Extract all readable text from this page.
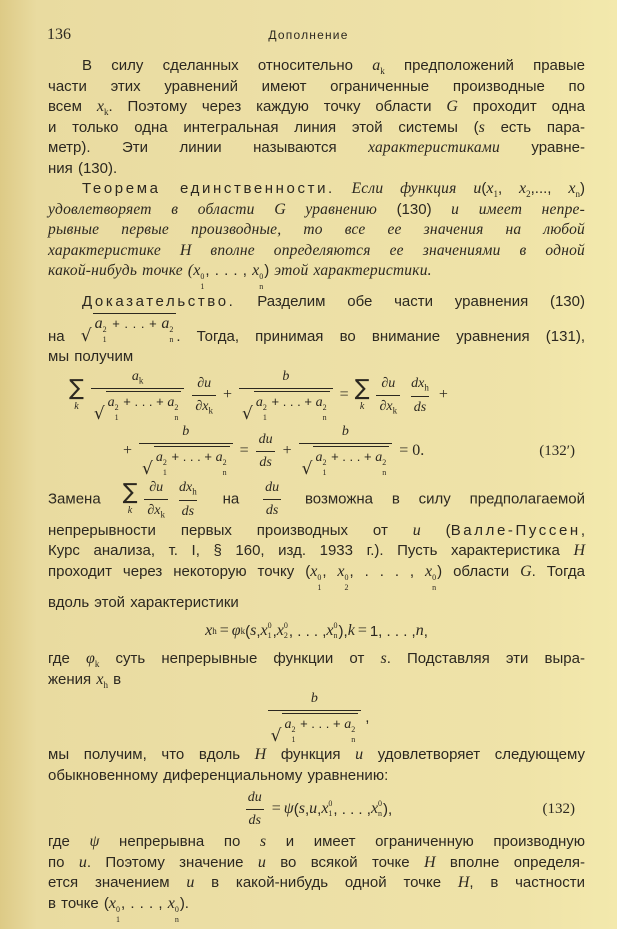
136	Дополнение
В силу сделанных относительно $a_k$ предположений правые
части этих уравнений имеют ограниченные производные по
всем $x_k$. Поэтому через каждую точку области G проходит одна
и только одна интегральная линия этой системы (s есть пара-
метр). Эти линии называются характеристиками уравне-
ния (130).
Теорема единственности. Если функция $u(x_1$, $x_2$,..., $x_n$)
удовлетворяет в области G уравнению (130) и имеет непре-
рывные первые производные, то все ее значения на любой
характеристике H вполне определяются ее значениями в одной
какой-нибудь точке (x 0
1
, . . . , x 0
n
) этой характеристики.
Доказательство. Разделим обе части уравнения (130)
на
√ a 2
1
+ . . . + a 2
n . Тогда, принимая во внимание уравнения (131),
мы получим
∑ k $a_k$
√ a 2
1
+ . . . + a 2
n $\frac{\partial u}{\partial x_k} + b$
√ a 2
1
+ . . . + a 2
n =
∑ k $\frac{\partial u}{\partial x_k} \frac{dx_h}{ds}$ +
+ b
√ a 2
1
+ . . . + a 2
$n = \frac{du}{ds} + b$
√ a 2
1
+ . . . + a 2
n = 0.	(132′)
Замена
∑ k $\frac{\partial u}{\partial x_k} \frac{dx_h}{ds}$ на $\frac{du}{ds}$ возможна в силу предполагаемой
непрерывности первых производных от u (Валле-Пуссен,
Курс анализа, т. I, § 160, изд. 1933 г.). Пусть характеристика H
проходит через некоторую точку (x 0
1
, x 0
2
, . . . , x 0
n
) области G. Тогда
вдоль этой характеристики
x h = φ k ( s , x 0
1 , x 0
2 , . . . , x 0
n ), k = 1, . . . , n ,
где $\varphi_k$ суть непрерывные функции от s. Подставляя эти выра-
жения $x_h$ в
b
√ a 2
1
+ . . . + a 2
n ,
мы получим, что вдоль H функция u удовлетворяет следующему
обыкновенному диференциальному уравнению:
$\frac{du}{ds} = \psi$ ( s , u , x 0
1 , . . . , x 0
n ),	(132)
где ψ непрерывна по s и имеет ограниченную производную
по u. Поэтому значение u во всякой точке H вполне определя-
ется значением u в какой-нибудь одной точке H, в частности
в точке (x 0
1
, . . . , x 0
n
).
